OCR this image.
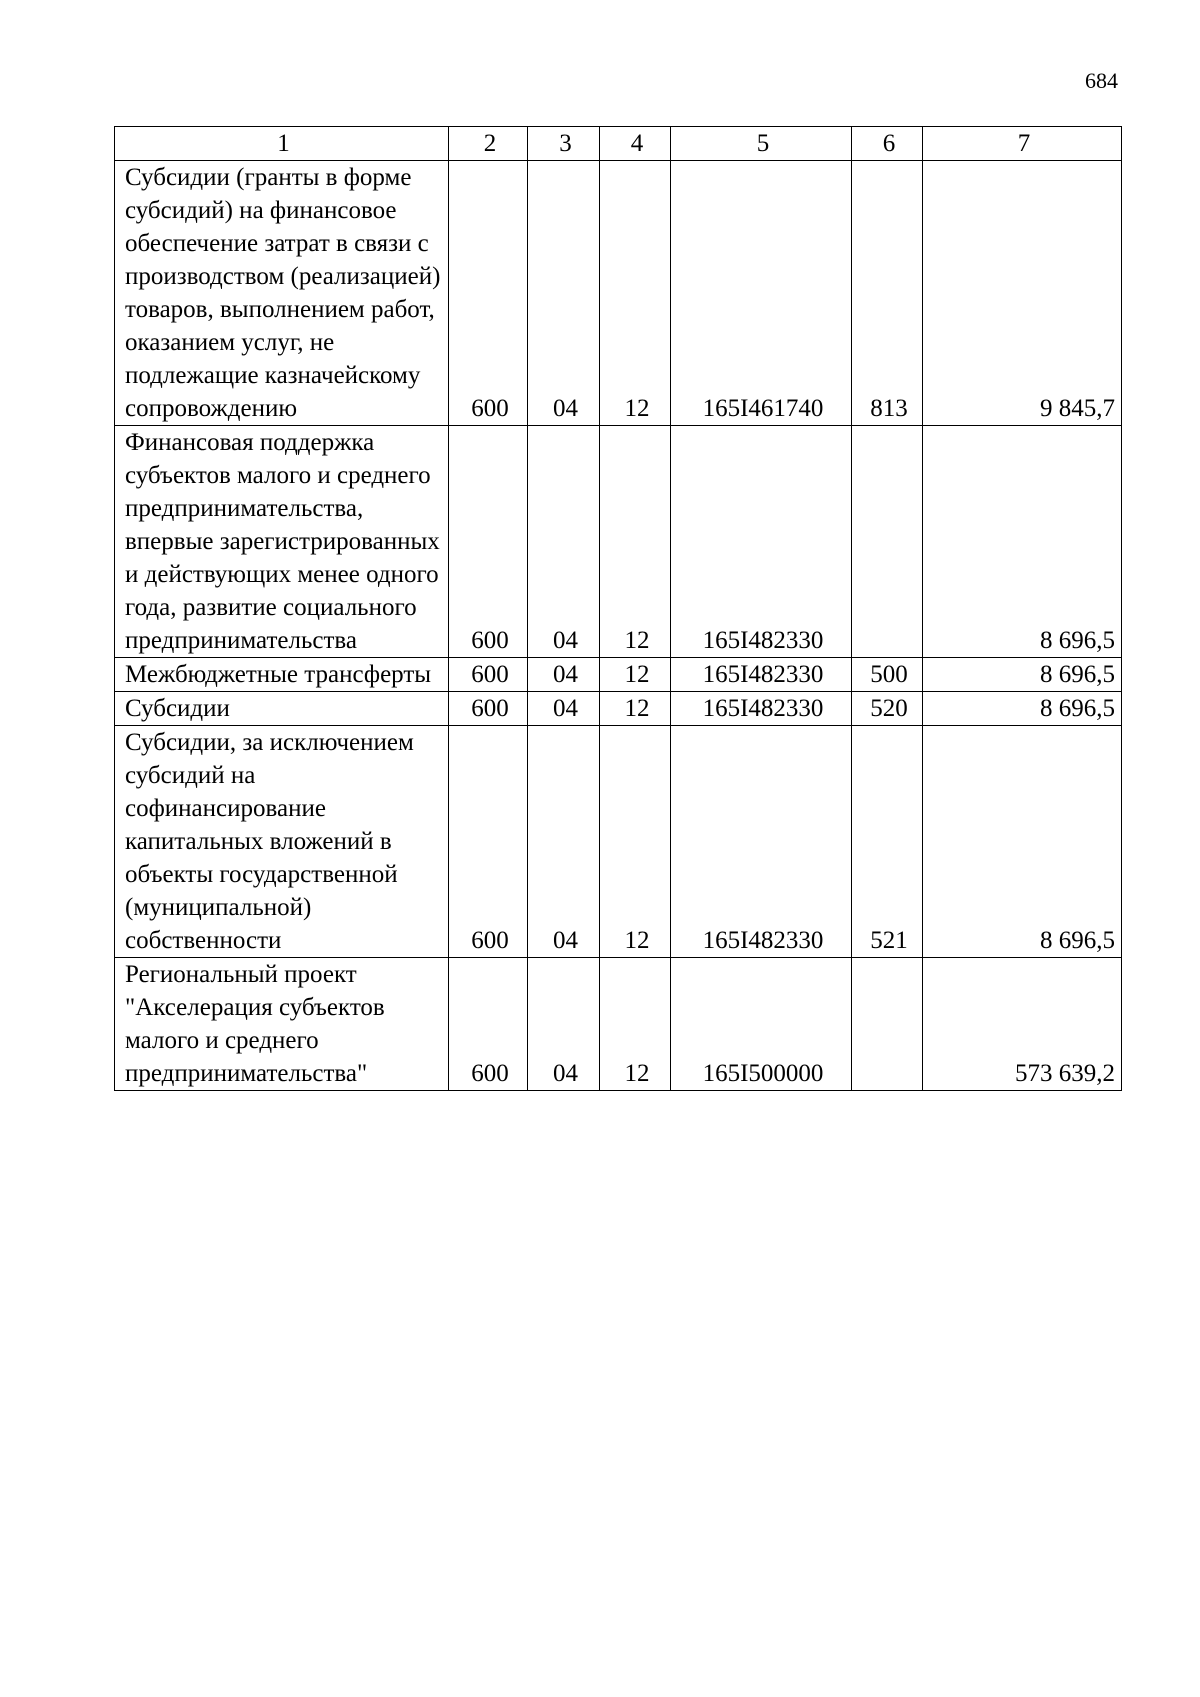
684
1	2	3	4	5	6	7
Субсидии (гранты в форме субсидий) на финансовое обеспечение затрат в связи с производством (реализацией) товаров, выполнением работ, оказанием услуг, не подлежащие казначейскому сопровождению	600	04	12	165I461740	813	9 845,7
Финансовая поддержка субъектов малого и среднего предпринимательства, впервые зарегистрированных и действующих менее одного года, развитие социального предпринимательства	600	04	12	165I482330		8 696,5
Межбюджетные трансферты	600	04	12	165I482330	500	8 696,5
Субсидии	600	04	12	165I482330	520	8 696,5
Субсидии, за исключением субсидий на софинансирование капитальных вложений в объекты государственной (муниципальной) собственности	600	04	12	165I482330	521	8 696,5
Региональный проект "Акселерация субъектов малого и среднего предпринимательства"	600	04	12	165I500000		573 639,2
